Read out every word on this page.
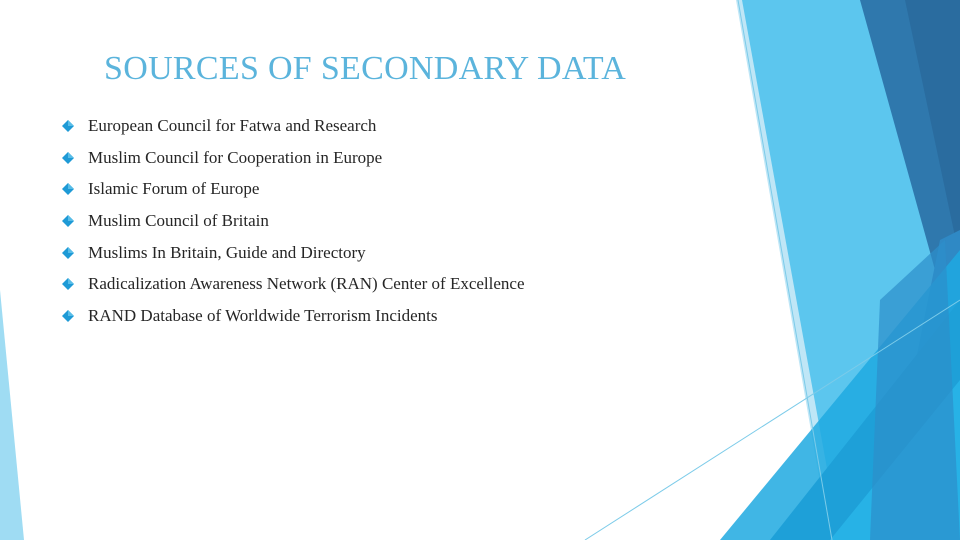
SOURCES OF SECONDARY DATA
European Council for Fatwa and Research
Muslim Council for Cooperation in Europe
Islamic Forum of Europe
Muslim Council of Britain
Muslims In Britain, Guide and Directory
Radicalization Awareness Network (RAN) Center of Excellence
RAND Database of Worldwide Terrorism Incidents
